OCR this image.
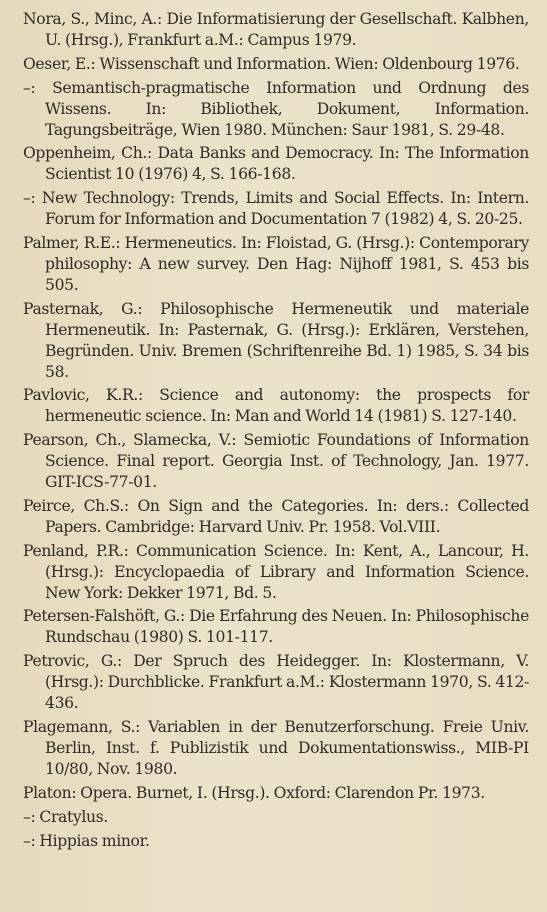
Nora, S., Minc, A.: Die Informatisierung der Gesellschaft. Kalbhen, U. (Hrsg.), Frankfurt a.M.: Campus 1979.
Oeser, E.: Wissenschaft und Information. Wien: Oldenbourg 1976.
–: Semantisch-pragmatische Information und Ordnung des Wissens. In: Bibliothek, Dokument, Information. Tagungsbeiträge, Wien 1980. München: Saur 1981, S. 29-48.
Oppenheim, Ch.: Data Banks and Democracy. In: The Information Scientist 10 (1976) 4, S. 166-168.
–: New Technology: Trends, Limits and Social Effects. In: Intern. Forum for Information and Documentation 7 (1982) 4, S. 20-25.
Palmer, R.E.: Hermeneutics. In: Floistad, G. (Hrsg.): Contemporary philosophy: A new survey. Den Hag: Nijhoff 1981, S. 453 bis 505.
Pasternak, G.: Philosophische Hermeneutik und materiale Hermeneutik. In: Pasternak, G. (Hrsg.): Erklären, Verstehen, Begründen. Univ. Bremen (Schriftenreihe Bd. 1) 1985, S. 34 bis 58.
Pavlovic, K.R.: Science and autonomy: the prospects for hermeneutic science. In: Man and World 14 (1981) S. 127-140.
Pearson, Ch., Slamecka, V.: Semiotic Foundations of Information Science. Final report. Georgia Inst. of Technology, Jan. 1977. GIT-ICS-77-01.
Peirce, Ch.S.: On Sign and the Categories. In: ders.: Collected Papers. Cambridge: Harvard Univ. Pr. 1958. Vol.VIII.
Penland, P.R.: Communication Science. In: Kent, A., Lancour, H. (Hrsg.): Encyclopaedia of Library and Information Science. New York: Dekker 1971, Bd. 5.
Petersen-Falshöft, G.: Die Erfahrung des Neuen. In: Philosophische Rundschau (1980) S. 101-117.
Petrovic, G.: Der Spruch des Heidegger. In: Klostermann, V. (Hrsg.): Durchblicke. Frankfurt a.M.: Klostermann 1970, S. 412-436.
Plagemann, S.: Variablen in der Benutzerforschung. Freie Univ. Berlin, Inst. f. Publizistik und Dokumentationswiss., MIB-PI 10/80, Nov. 1980.
Platon: Opera. Burnet, I. (Hrsg.). Oxford: Clarendon Pr. 1973.
–: Cratylus.
–: Hippias minor.
